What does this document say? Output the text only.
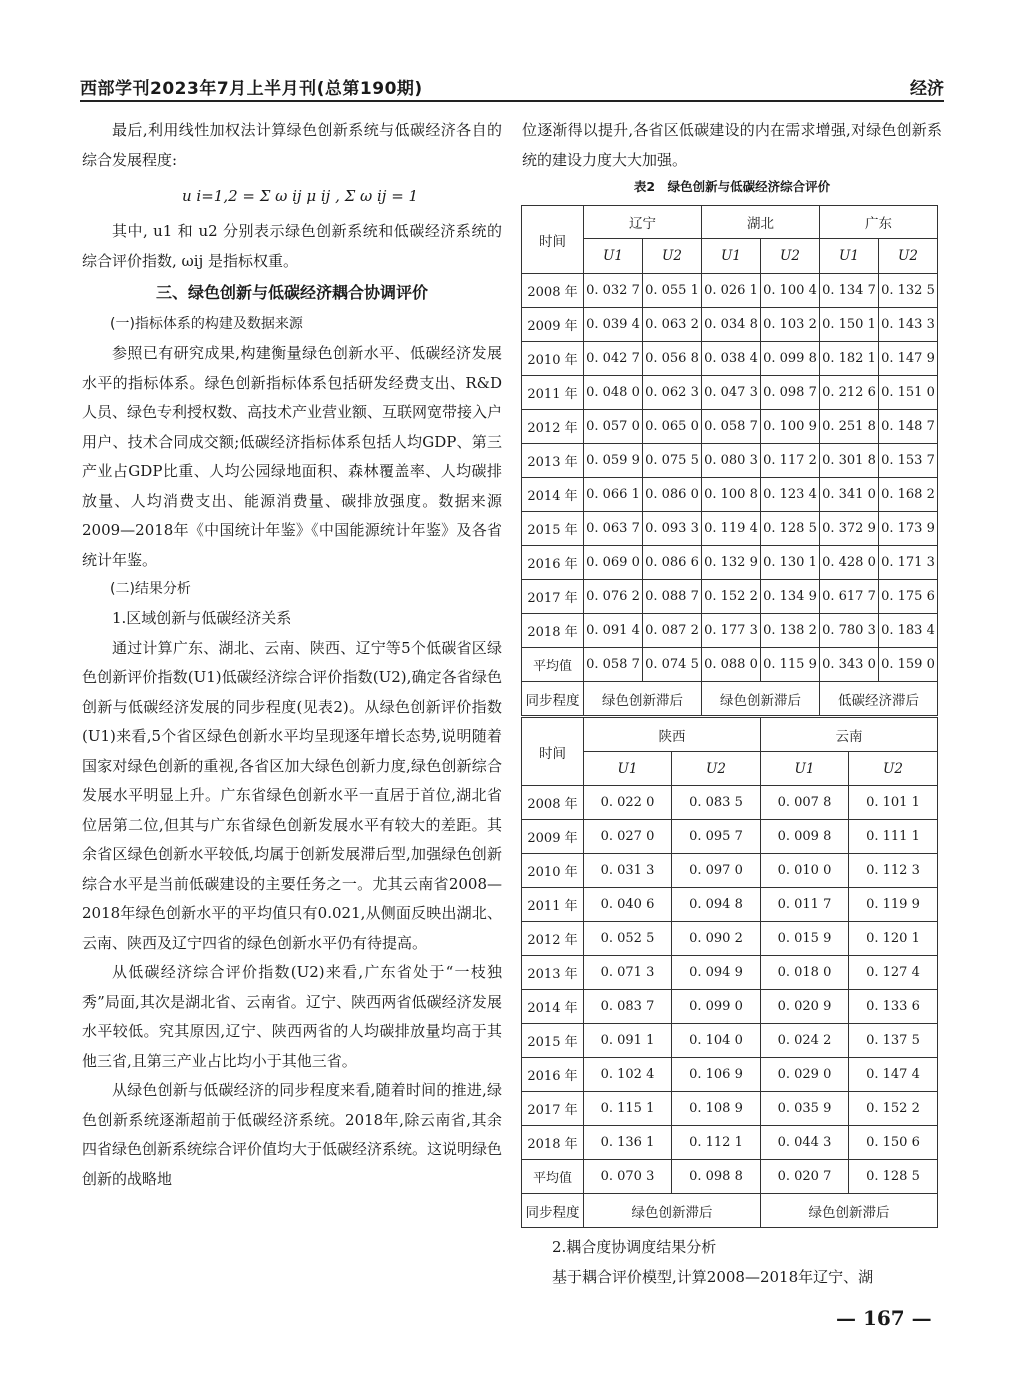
西部学刊2023年7月上半月刊(总第190期)	经济

最后,利用线性加权法计算绿色创新系统与低碳经济各自的综合发展程度:

u i=1,2 = Σ ω ij μ ij , Σ ω ij = 1

其中, u1 和 u2 分别表示绿色创新系统和低碳经济系统的综合评价指数, ωij 是指标权重。

三、绿色创新与低碳经济耦合协调评价
(一)指标体系的构建及数据来源

参照已有研究成果,构建衡量绿色创新水平、低碳经济发展水平的指标体系。绿色创新指标体系包括研发经费支出、R&D人员、绿色专利授权数、高技术产业营业额、互联网宽带接入户用户、技术合同成交额;低碳经济指标体系包括人均GDP、第三产业占GDP比重、人均公园绿地面积、森林覆盖率、人均碳排放量、人均消费支出、能源消费量、碳排放强度。数据来源2009—2018年《中国统计年鉴》《中国能源统计年鉴》及各省统计年鉴。

(二)结果分析
1.区域创新与低碳经济关系

通过计算广东、湖北、云南、陕西、辽宁等5个低碳省区绿色创新评价指数(U1)低碳经济综合评价指数(U2),确定各省绿色创新与低碳经济发展的同步程度(见表2)。从绿色创新评价指数(U1)来看,5个省区绿色创新水平均呈现逐年增长态势,说明随着国家对绿色创新的重视,各省区加大绿色创新力度,绿色创新综合发展水平明显上升。广东省绿色创新水平一直居于首位,湖北省位居第二位,但其与广东省绿色创新发展水平有较大的差距。其余省区绿色创新水平较低,均属于创新发展滞后型,加强绿色创新综合水平是当前低碳建设的主要任务之一。尤其云南省2008—2018年绿色创新水平的平均值只有0.021,从侧面反映出湖北、云南、陕西及辽宁四省的绿色创新水平仍有待提高。

从低碳经济综合评价指数(U2)来看,广东省处于“一枝独秀”局面,其次是湖北省、云南省。辽宁、陕西两省低碳经济发展水平较低。究其原因,辽宁、陕西两省的人均碳排放量均高于其他三省,且第三产业占比均小于其他三省。

从绿色创新与低碳经济的同步程度来看,随着时间的推进,绿色创新系统逐渐超前于低碳经济系统。2018年,除云南省,其余四省绿色创新系统综合评价值均大于低碳经济系统。这说明绿色创新的战略地

位逐渐得以提升,各省区低碳建设的内在需求增强,对绿色创新系统的建设力度大大加强。

表2　绿色创新与低碳经济综合评价
时间	辽宁		湖北		广东	
	U1	U2	U1	U2	U1	U2
2008 年	0. 032 7	0. 055 1	0. 026 1	0. 100 4	0. 134 7	0. 132 5
2009 年	0. 039 4	0. 063 2	0. 034 8	0. 103 2	0. 150 1	0. 143 3
2010 年	0. 042 7	0. 056 8	0. 038 4	0. 099 8	0. 182 1	0. 147 9
2011 年	0. 048 0	0. 062 3	0. 047 3	0. 098 7	0. 212 6	0. 151 0
2012 年	0. 057 0	0. 065 0	0. 058 7	0. 100 9	0. 251 8	0. 148 7
2013 年	0. 059 9	0. 075 5	0. 080 3	0. 117 2	0. 301 8	0. 153 7
2014 年	0. 066 1	0. 086 0	0. 100 8	0. 123 4	0. 341 0	0. 168 2
2015 年	0. 063 7	0. 093 3	0. 119 4	0. 128 5	0. 372 9	0. 173 9
2016 年	0. 069 0	0. 086 6	0. 132 9	0. 130 1	0. 428 0	0. 171 3
2017 年	0. 076 2	0. 088 7	0. 152 2	0. 134 9	0. 617 7	0. 175 6
2018 年	0. 091 4	0. 087 2	0. 177 3	0. 138 2	0. 780 3	0. 183 4
平均值	0. 058 7	0. 074 5	0. 088 0	0. 115 9	0. 343 0	0. 159 0
同步程度	绿色创新滞后		绿色创新滞后		低碳经济滞后	
时间	陕西		云南	
	U1	U2	U1	U2
2008 年	0. 022 0	0. 083 5	0. 007 8	0. 101 1
2009 年	0. 027 0	0. 095 7	0. 009 8	0. 111 1
2010 年	0. 031 3	0. 097 0	0. 010 0	0. 112 3
2011 年	0. 040 6	0. 094 8	0. 011 7	0. 119 9
2012 年	0. 052 5	0. 090 2	0. 015 9	0. 120 1
2013 年	0. 071 3	0. 094 9	0. 018 0	0. 127 4
2014 年	0. 083 7	0. 099 0	0. 020 9	0. 133 6
2015 年	0. 091 1	0. 104 0	0. 024 2	0. 137 5
2016 年	0. 102 4	0. 106 9	0. 029 0	0. 147 4
2017 年	0. 115 1	0. 108 9	0. 035 9	0. 152 2
2018 年	0. 136 1	0. 112 1	0. 044 3	0. 150 6
平均值	0. 070 3	0. 098 8	0. 020 7	0. 128 5
同步程度	绿色创新滞后		绿色创新滞后	
2.耦合度协调度结果分析

基于耦合评价模型,计算2008—2018年辽宁、湖

— 167 —
